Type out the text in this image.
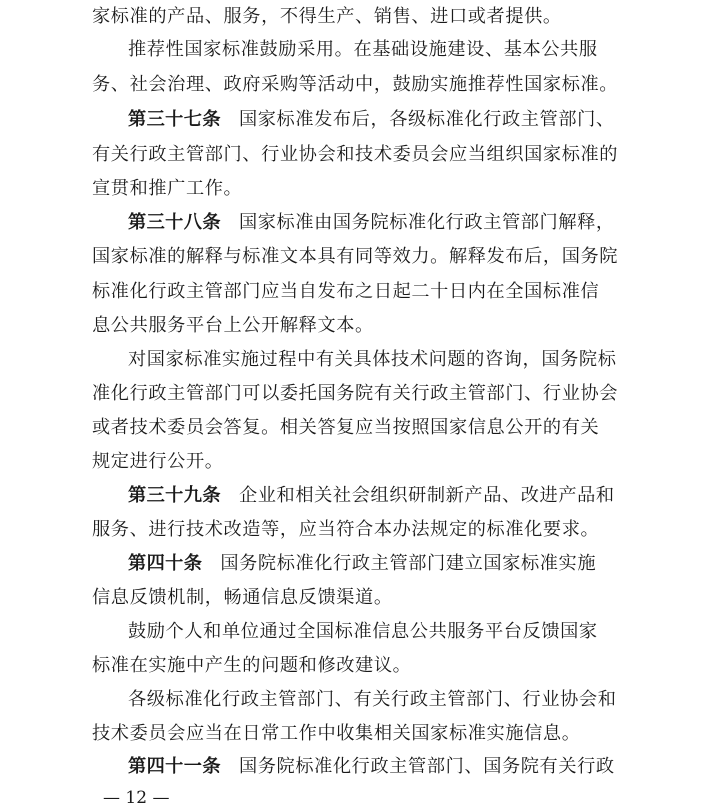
家标准的产品、服务，不得生产、销售、进口或者提供。
推荐性国家标准鼓励采用。在基础设施建设、基本公共服
务、社会治理、政府采购等活动中，鼓励实施推荐性国家标准。
第三十七条 国家标准发布后，各级标准化行政主管部门、
有关行政主管部门、行业协会和技术委员会应当组织国家标准的
宣贯和推广工作。
第三十八条 国家标准由国务院标准化行政主管部门解释，
国家标准的解释与标准文本具有同等效力。解释发布后，国务院
标准化行政主管部门应当自发布之日起二十日内在全国标准信
息公共服务平台上公开解释文本。
对国家标准实施过程中有关具体技术问题的咨询，国务院标
准化行政主管部门可以委托国务院有关行政主管部门、行业协会
或者技术委员会答复。相关答复应当按照国家信息公开的有关
规定进行公开。
第三十九条 企业和相关社会组织研制新产品、改进产品和
服务、进行技术改造等，应当符合本办法规定的标准化要求。
第四十条 国务院标准化行政主管部门建立国家标准实施
信息反馈机制，畅通信息反馈渠道。
鼓励个人和单位通过全国标准信息公共服务平台反馈国家
标准在实施中产生的问题和修改建议。
各级标准化行政主管部门、有关行政主管部门、行业协会和
技术委员会应当在日常工作中收集相关国家标准实施信息。
第四十一条 国务院标准化行政主管部门、国务院有关行政
— 12 —
